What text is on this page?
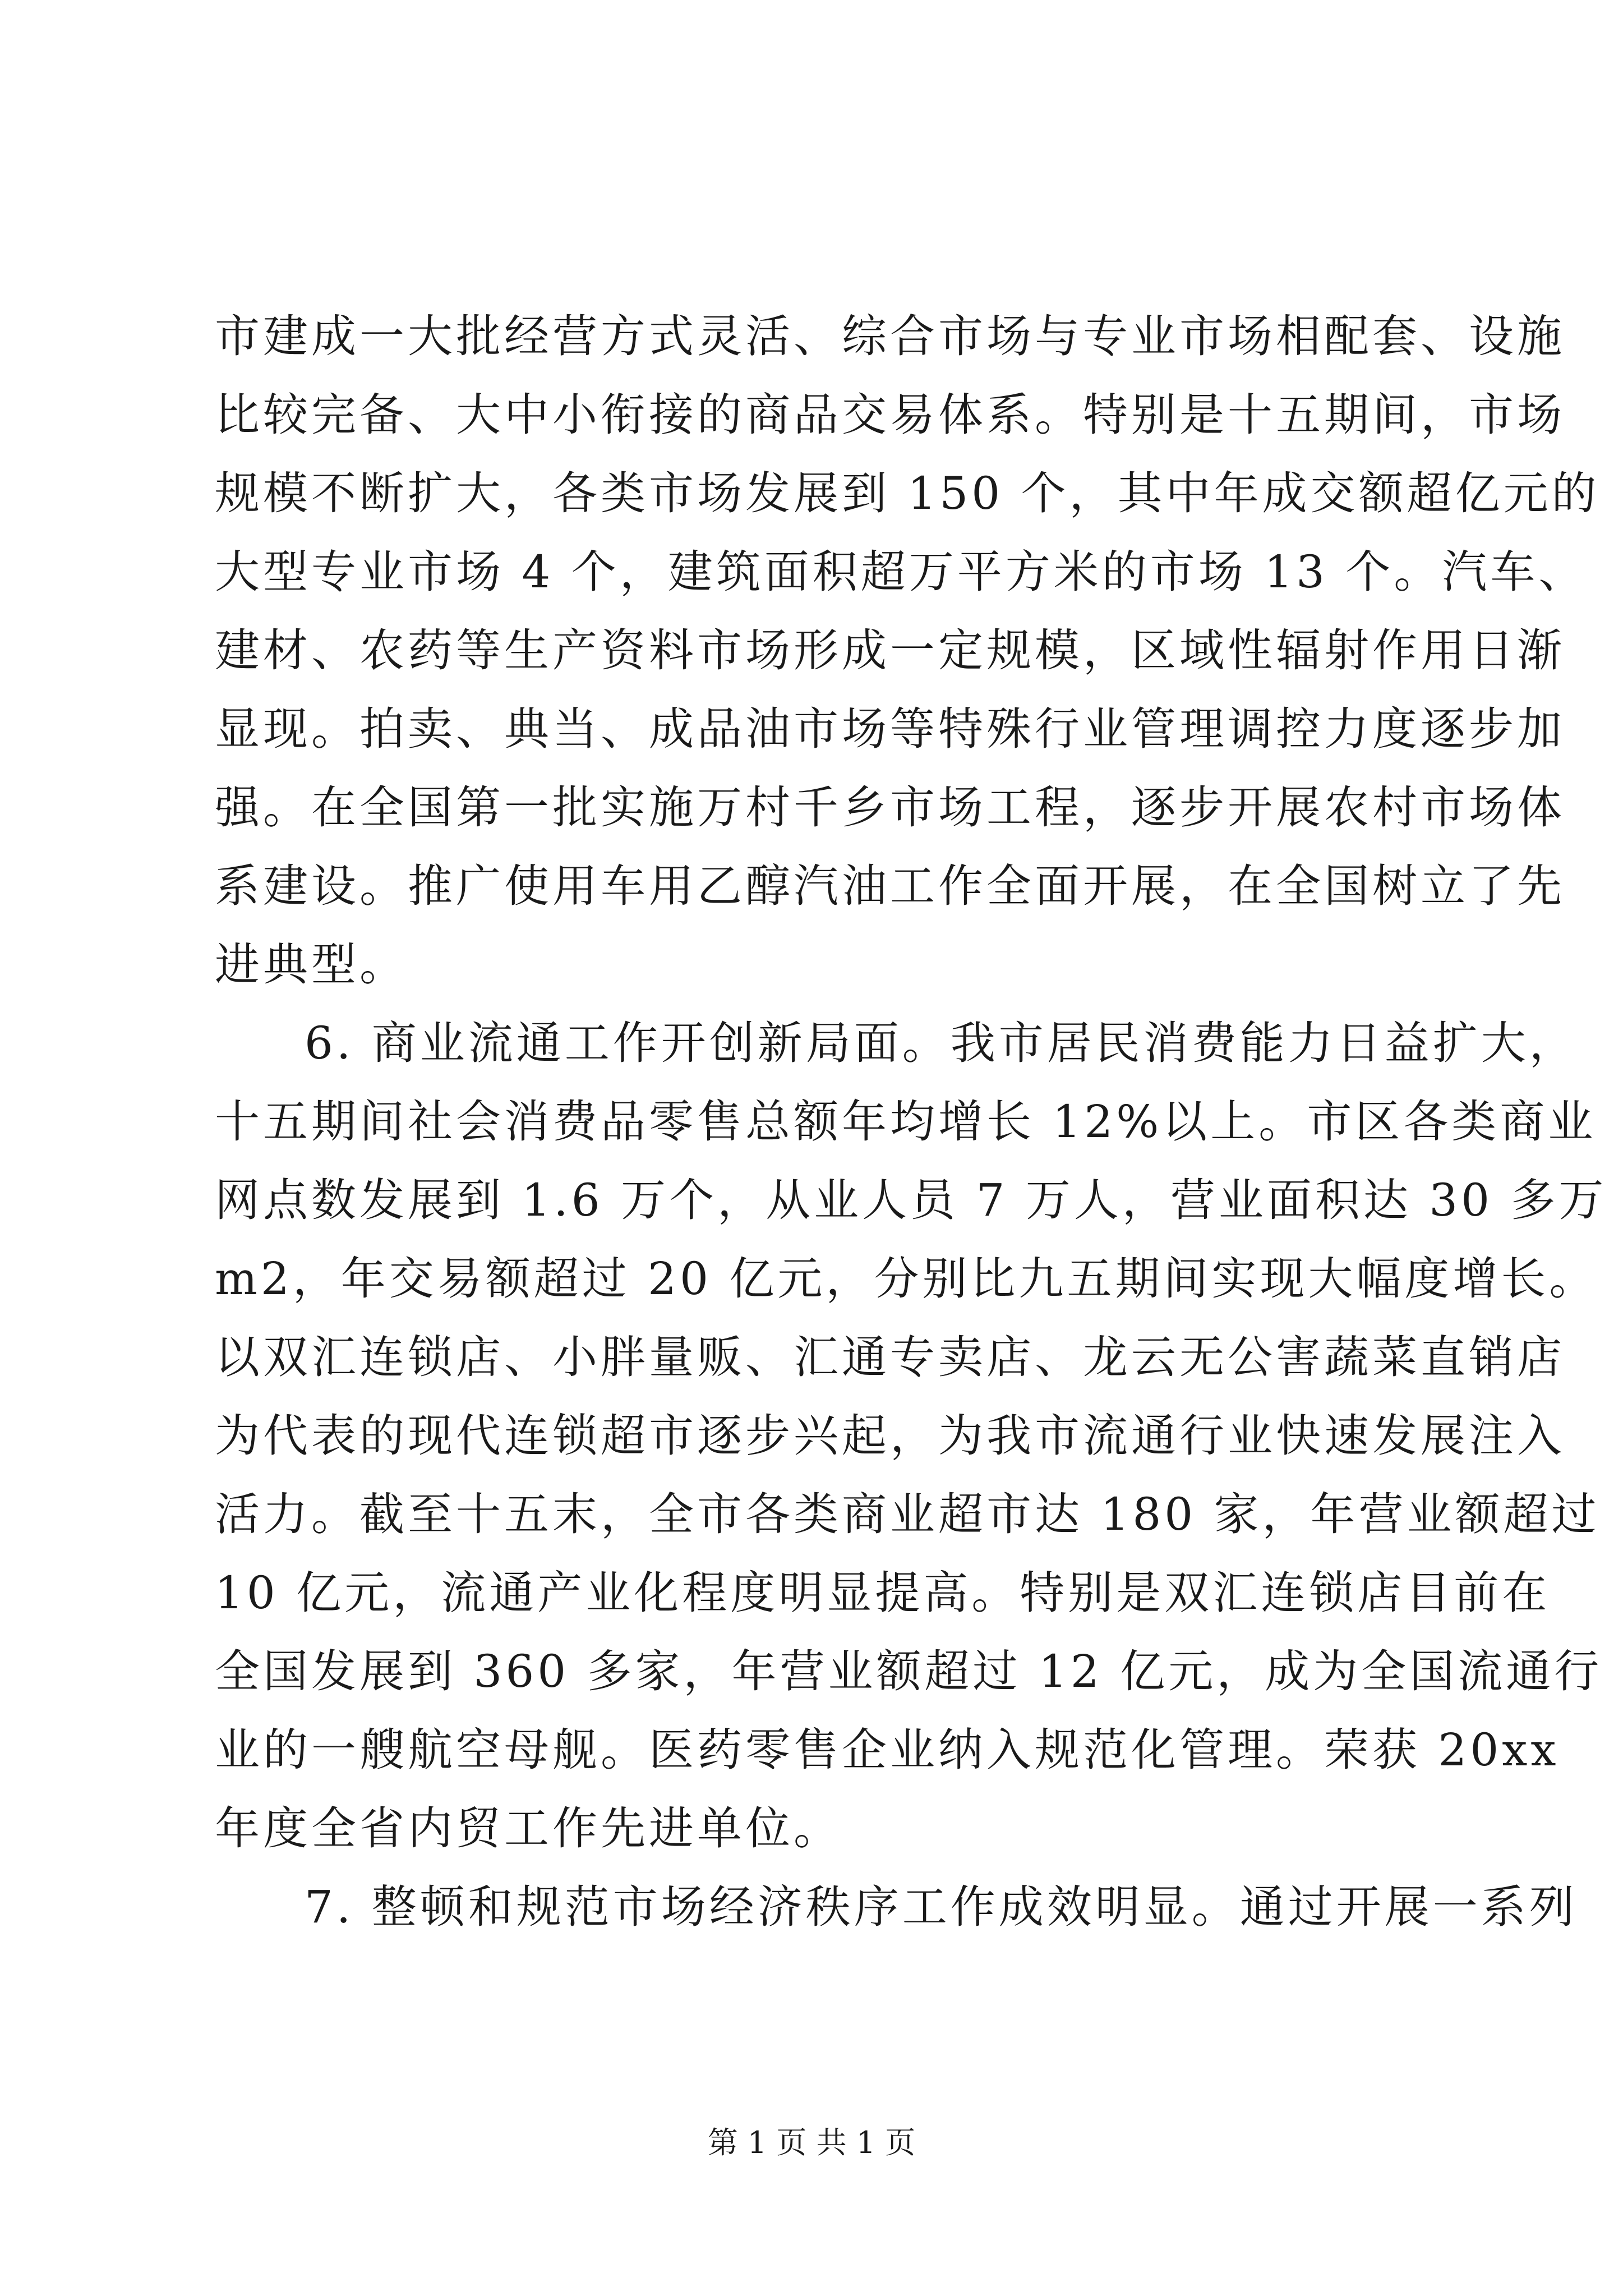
市建成一大批经营方式灵活、综合市场与专业市场相配套、设施
比较完备、大中小衔接的商品交易体系。特别是十五期间，市场
规模不断扩大，各类市场发展到 150 个，其中年成交额超亿元的
大型专业市场 4 个，建筑面积超万平方米的市场 13 个。汽车、
建材、农药等生产资料市场形成一定规模，区域性辐射作用日渐
显现。拍卖、典当、成品油市场等特殊行业管理调控力度逐步加
强。在全国第一批实施万村千乡市场工程，逐步开展农村市场体
系建设。推广使用车用乙醇汽油工作全面开展，在全国树立了先
进典型。
6. 商业流通工作开创新局面。我市居民消费能力日益扩大，
十五期间社会消费品零售总额年均增长 12%以上。市区各类商业
网点数发展到 1.6 万个，从业人员 7 万人，营业面积达 30 多万
m2，年交易额超过 20 亿元，分别比九五期间实现大幅度增长。
以双汇连锁店、小胖量贩、汇通专卖店、龙云无公害蔬菜直销店
为代表的现代连锁超市逐步兴起，为我市流通行业快速发展注入
活力。截至十五末，全市各类商业超市达 180 家，年营业额超过
10 亿元，流通产业化程度明显提高。特别是双汇连锁店目前在
全国发展到 360 多家，年营业额超过 12 亿元，成为全国流通行
业的一艘航空母舰。医药零售企业纳入规范化管理。荣获 20xx
年度全省内贸工作先进单位。
7. 整顿和规范市场经济秩序工作成效明显。通过开展一系列
第 1 页 共 1 页
